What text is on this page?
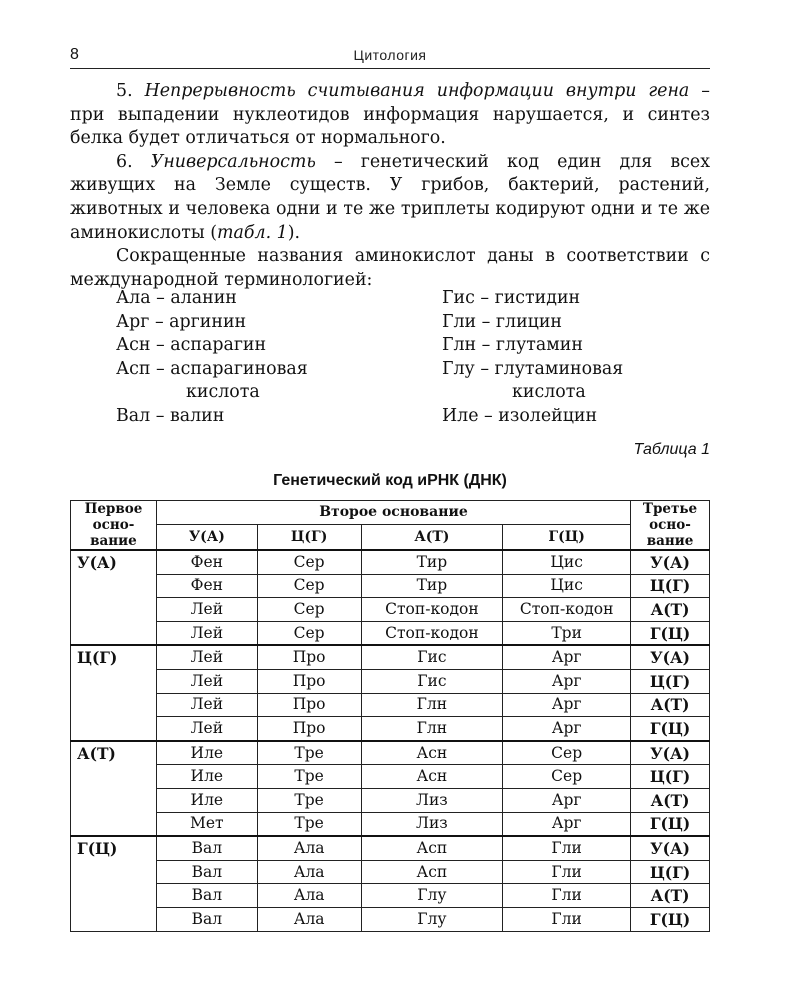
8	Цитология

5. Непрерывность считывания информации внутри гена – при выпадении нуклеотидов информация нарушается, и синтез белка будет отличаться от нормального.

6. Универсальность – генетический код един для всех живущих на Земле существ. У грибов, бактерий, растений, животных и человека одни и те же триплеты кодируют одни и те же аминокислоты (табл. 1).

Сокращенные названия аминокислот даны в соответствии с международной терминологией:

Ала – аланин
Арг – аргинин
Асн – аспарагин
Асп – аспарагиновая
кислота
Вал – валин
Гис – гистидин
Гли – глицин
Глн – глутамин
Глу – глутаминовая
кислота
Иле – изолейцин
Таблица 1
Генетический код иРНК (ДНК)
Первое
осно-
вание	Второе основание				Третье
осно-
вание

	У(А)	Ц(Г)	А(Т)	Г(Ц)	
У(А)	Фен	Сер	Тир	Цис	У(А)
	Фен	Сер	Тир	Цис	Ц(Г)
	Лей	Сер	Стоп-кодон	Стоп-кодон	А(Т)
	Лей	Сер	Стоп-кодон	Три	Г(Ц)
Ц(Г)	Лей	Про	Гис	Арг	У(А)
	Лей	Про	Гис	Арг	Ц(Г)
	Лей	Про	Глн	Арг	А(Т)
	Лей	Про	Глн	Арг	Г(Ц)
А(Т)	Иле	Тре	Асн	Сер	У(А)
	Иле	Тре	Асн	Сер	Ц(Г)
	Иле	Тре	Лиз	Арг	А(Т)
	Мет	Тре	Лиз	Арг	Г(Ц)
Г(Ц)	Вал	Ала	Асп	Гли	У(А)
	Вал	Ала	Асп	Гли	Ц(Г)
	Вал	Ала	Глу	Гли	А(Т)
	Вал	Ала	Глу	Гли	Г(Ц)
